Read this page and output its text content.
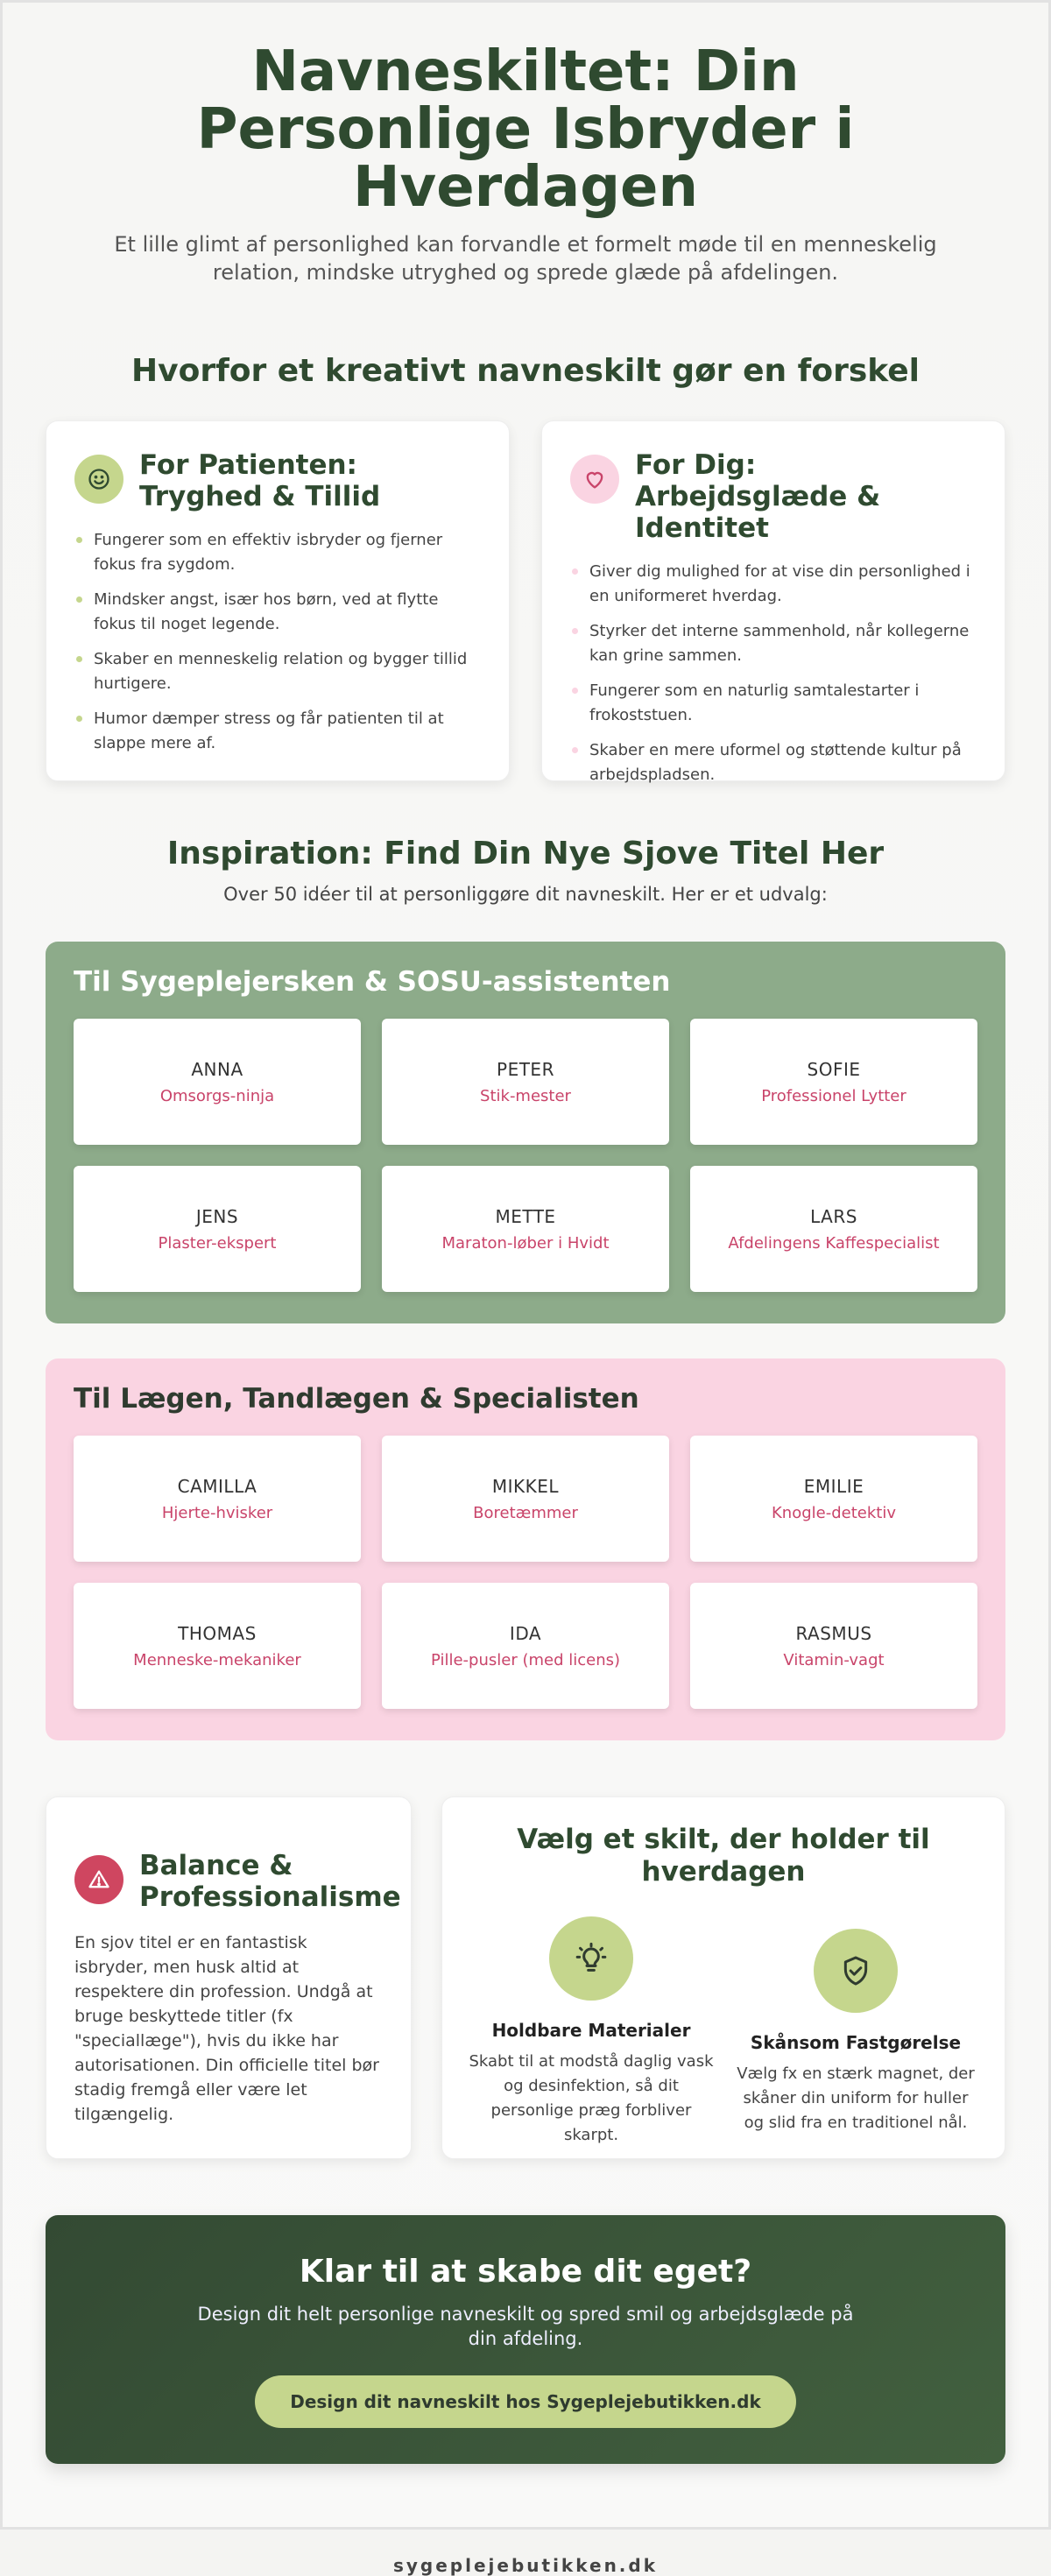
Navneskiltet: Din Personlige Isbryder i Hverdagen

Et lille glimt af personlighed kan forvandle et formelt møde til en menneskelig relation, mindske utryghed og sprede glæde på afdelingen.

Hvorfor et kreativt navneskilt gør en forskel
For Patienten: Tryghed & Tillid
Fungerer som en effektiv isbryder og fjerner fokus fra sygdom.
Mindsker angst, især hos børn, ved at flytte fokus til noget legende.
Skaber en menneskelig relation og bygger tillid hurtigere.
Humor dæmper stress og får patienten til at slappe mere af.
For Dig: Arbejdsglæde & Identitet
Giver dig mulighed for at vise din personlighed i en uniformeret hverdag.
Styrker det interne sammenhold, når kollegerne kan grine sammen.
Fungerer som en naturlig samtalestarter i frokoststuen.
Skaber en mere uformel og støttende kultur på arbejdspladsen.
Inspiration: Find Din Nye Sjove Titel Her

Over 50 idéer til at personliggøre dit navneskilt. Her er et udvalg:

Til Sygeplejersken & SOSU-assistenten
ANNA
Omsorgs-ninja
PETER
Stik-mester
SOFIE
Professionel Lytter
JENS
Plaster-ekspert
METTE
Maraton-løber i Hvidt
LARS
Afdelingens Kaffespecialist
Til Lægen, Tandlægen & Specialisten
CAMILLA
Hjerte-hvisker
MIKKEL
Boretæmmer
EMILIE
Knogle-detektiv
THOMAS
Menneske-mekaniker
IDA
Pille-pusler (med licens)
RASMUS
Vitamin-vagt
Balance & Professionalisme

En sjov titel er en fantastisk isbryder, men husk altid at respektere din profession. Undgå at bruge beskyttede titler (fx "speciallæge"), hvis du ikke har autorisationen. Din officielle titel bør stadig fremgå eller være let tilgængelig.

Vælg et skilt, der holder til hverdagen
Holdbare Materialer

Skabt til at modstå daglig vask og desinfektion, så dit personlige præg forbliver skarpt.

Skånsom Fastgørelse

Vælg fx en stærk magnet, der skåner din uniform for huller og slid fra en traditionel nål.

Klar til at skabe dit eget?

Design dit helt personlige navneskilt og spred smil og arbejdsglæde på din afdeling.

Design dit navneskilt hos Sygeplejebutikken.dk
sygeplejebutikken.dk
